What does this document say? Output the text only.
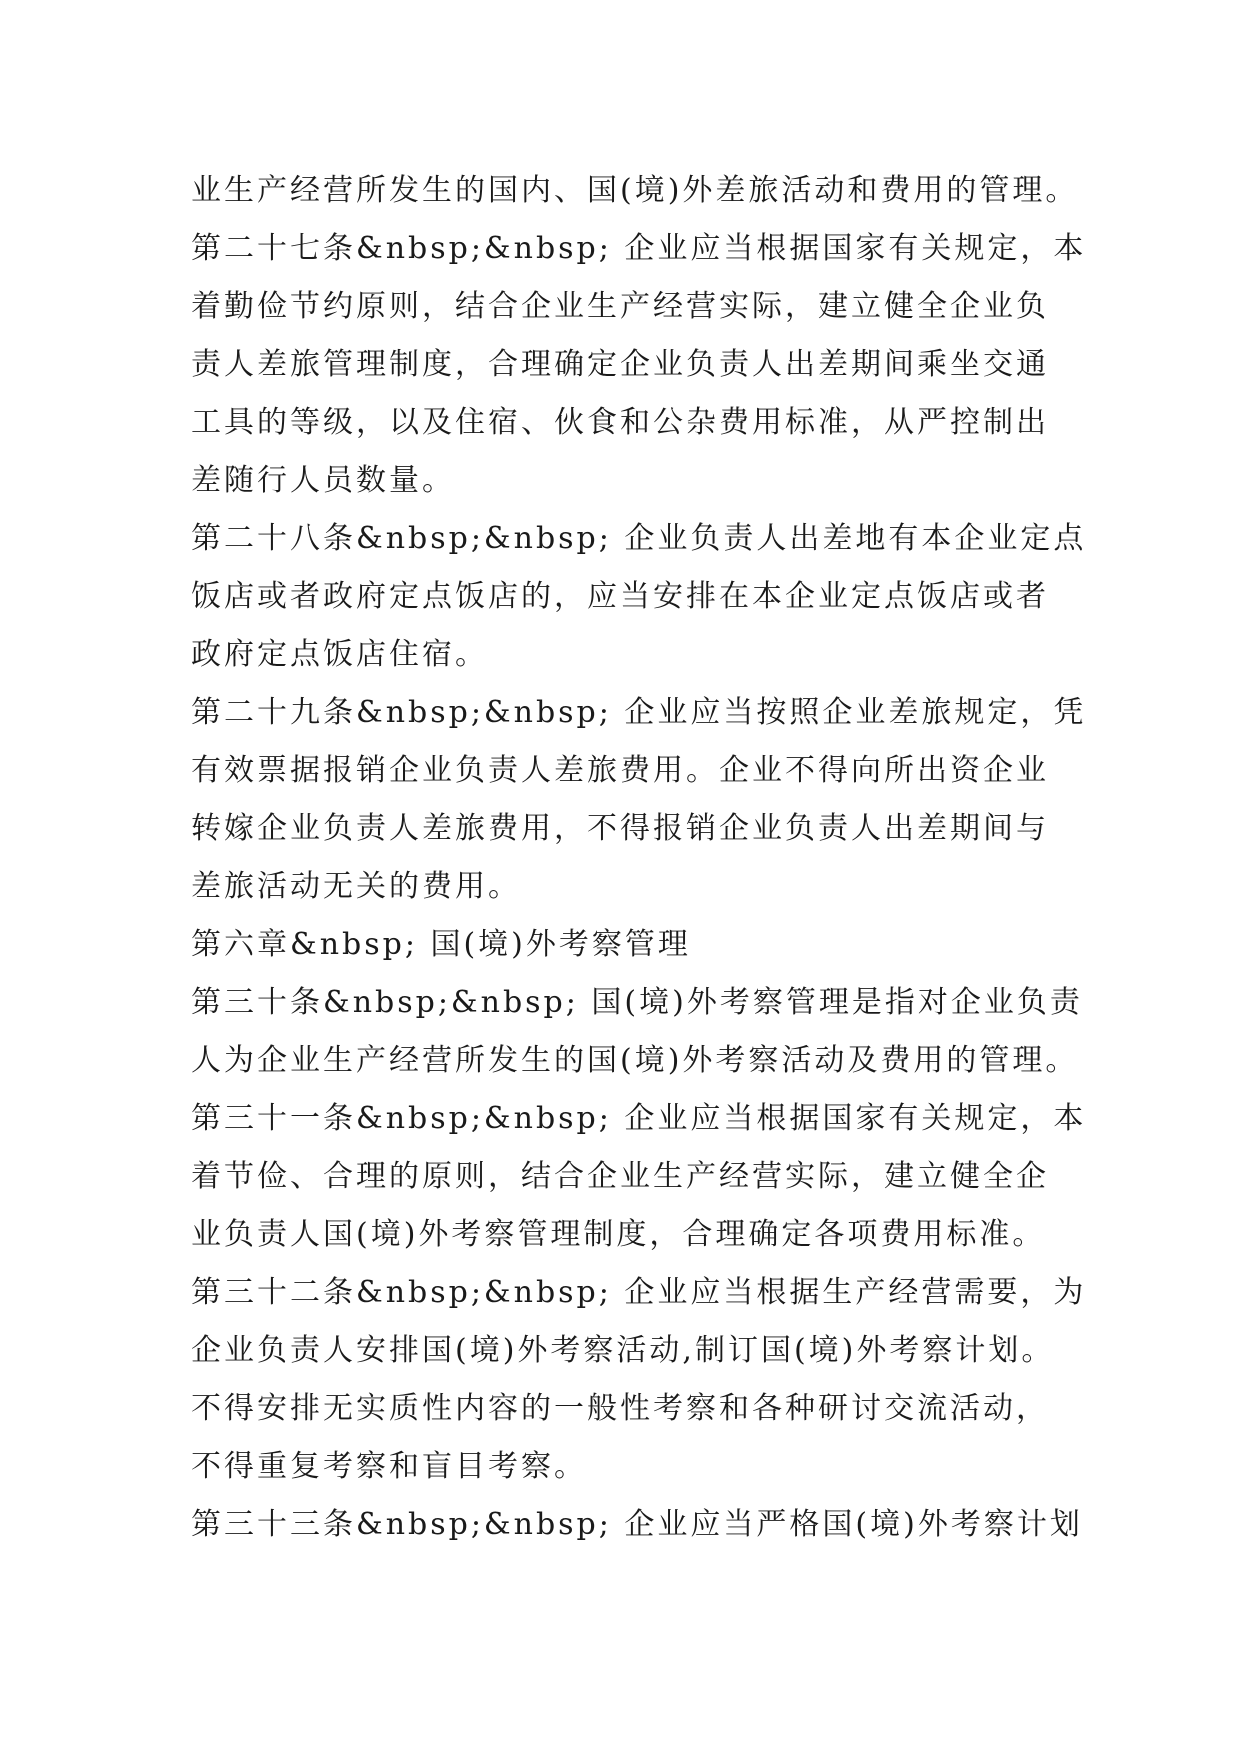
业生产经营所发生的国内、国(境)外差旅活动和费用的管理。
第二十七条&nbsp;&nbsp; 企业应当根据国家有关规定，本
着勤俭节约原则，结合企业生产经营实际，建立健全企业负
责人差旅管理制度，合理确定企业负责人出差期间乘坐交通
工具的等级，以及住宿、伙食和公杂费用标准，从严控制出
差随行人员数量。
第二十八条&nbsp;&nbsp; 企业负责人出差地有本企业定点
饭店或者政府定点饭店的，应当安排在本企业定点饭店或者
政府定点饭店住宿。
第二十九条&nbsp;&nbsp; 企业应当按照企业差旅规定，凭
有效票据报销企业负责人差旅费用。企业不得向所出资企业
转嫁企业负责人差旅费用，不得报销企业负责人出差期间与
差旅活动无关的费用。
第六章&nbsp; 国(境)外考察管理
第三十条&nbsp;&nbsp; 国(境)外考察管理是指对企业负责
人为企业生产经营所发生的国(境)外考察活动及费用的管理。
第三十一条&nbsp;&nbsp; 企业应当根据国家有关规定，本
着节俭、合理的原则，结合企业生产经营实际，建立健全企
业负责人国(境)外考察管理制度，合理确定各项费用标准。
第三十二条&nbsp;&nbsp; 企业应当根据生产经营需要，为
企业负责人安排国(境)外考察活动,制订国(境)外考察计划。
不得安排无实质性内容的一般性考察和各种研讨交流活动，
不得重复考察和盲目考察。
第三十三条&nbsp;&nbsp; 企业应当严格国(境)外考察计划
